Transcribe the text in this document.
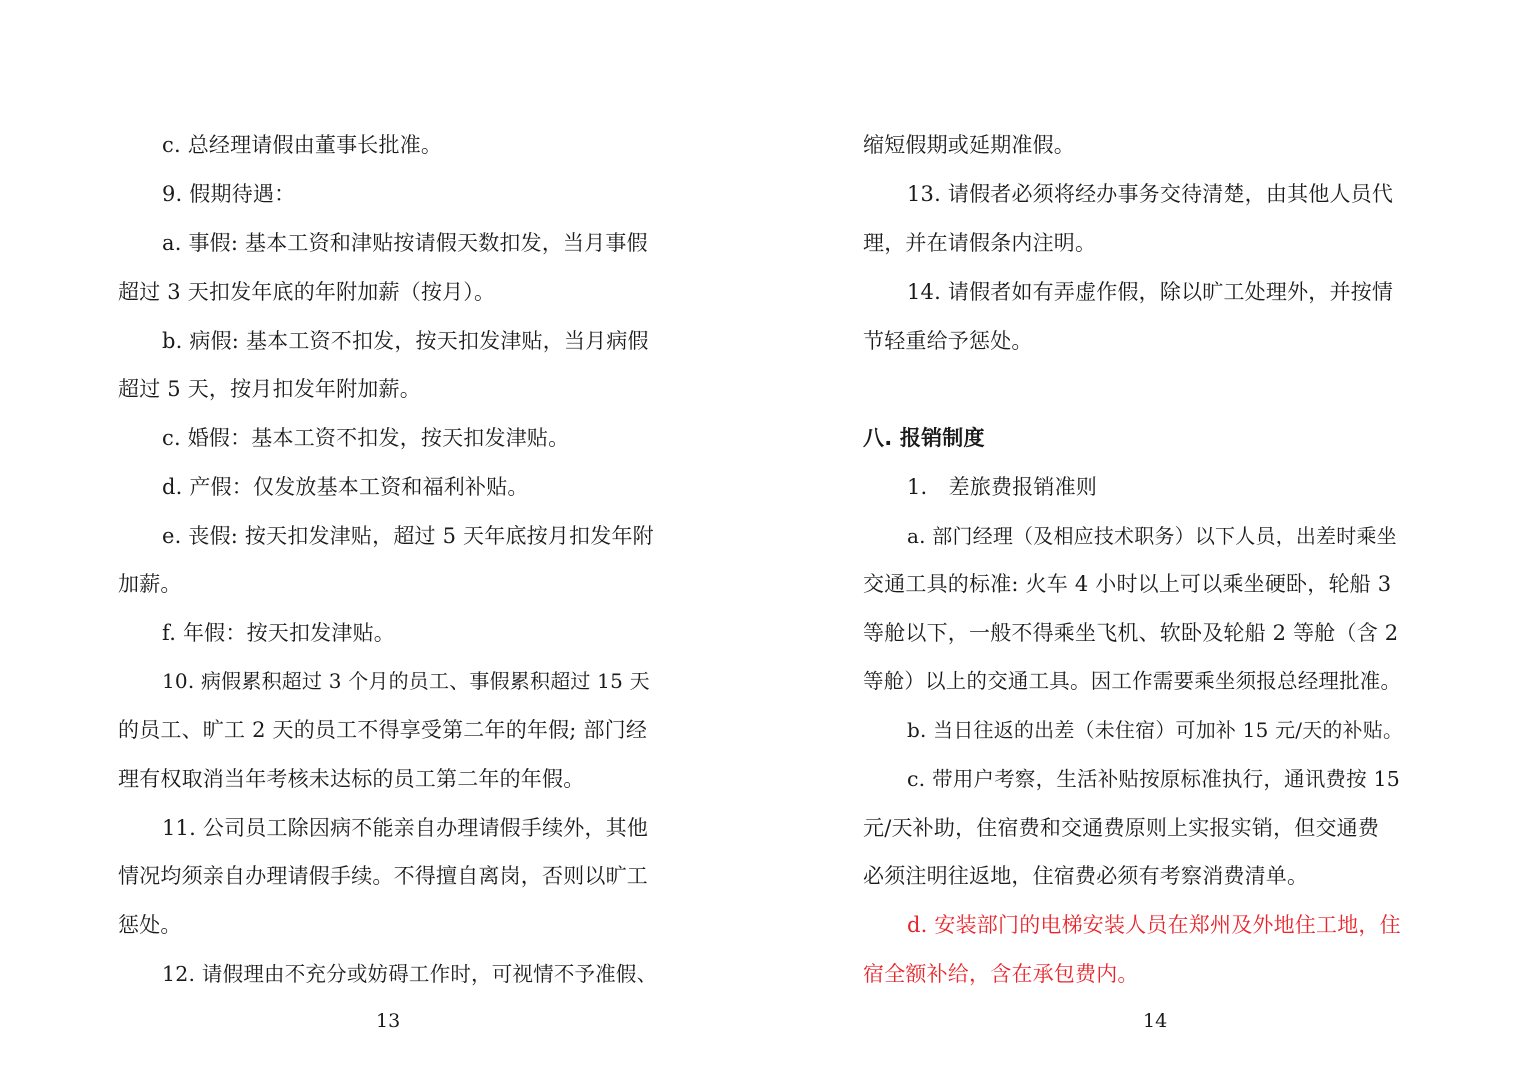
c. 总经理请假由董事长批准。
9. 假期待遇：
a. 事假: 基本工资和津贴按请假天数扣发，当月事假
超过 3 天扣发年底的年附加薪（按月）。
b. 病假: 基本工资不扣发，按天扣发津贴，当月病假
超过 5 天，按月扣发年附加薪。
c. 婚假：基本工资不扣发，按天扣发津贴。
d. 产假：仅发放基本工资和福利补贴。
e. 丧假: 按天扣发津贴，超过 5 天年底按月扣发年附
加薪。
f. 年假：按天扣发津贴。
10. 病假累积超过 3 个月的员工、事假累积超过 15 天
的员工、旷工 2 天的员工不得享受第二年的年假; 部门经
理有权取消当年考核未达标的员工第二年的年假。
11. 公司员工除因病不能亲自办理请假手续外，其他
情况均须亲自办理请假手续。不得擅自离岗，否则以旷工
惩处。
12. 请假理由不充分或妨碍工作时，可视情不予准假、
13
缩短假期或延期准假。
13. 请假者必须将经办事务交待清楚，由其他人员代
理，并在请假条内注明。
14. 请假者如有弄虚作假，除以旷工处理外，并按情
节轻重给予惩处。
八. 报销制度
1.　差旅费报销准则
a. 部门经理（及相应技术职务）以下人员，出差时乘坐
交通工具的标准: 火车 4 小时以上可以乘坐硬卧，轮船 3
等舱以下，一般不得乘坐飞机、软卧及轮船 2 等舱（含 2
等舱）以上的交通工具。因工作需要乘坐须报总经理批准。
b. 当日往返的出差（未住宿）可加补 15 元/天的补贴。
c. 带用户考察，生活补贴按原标准执行，通讯费按 15
元/天补助，住宿费和交通费原则上实报实销，但交通费
必须注明往返地，住宿费必须有考察消费清单。
d. 安装部门的电梯安装人员在郑州及外地住工地，住
宿全额补给，含在承包费内。
14
